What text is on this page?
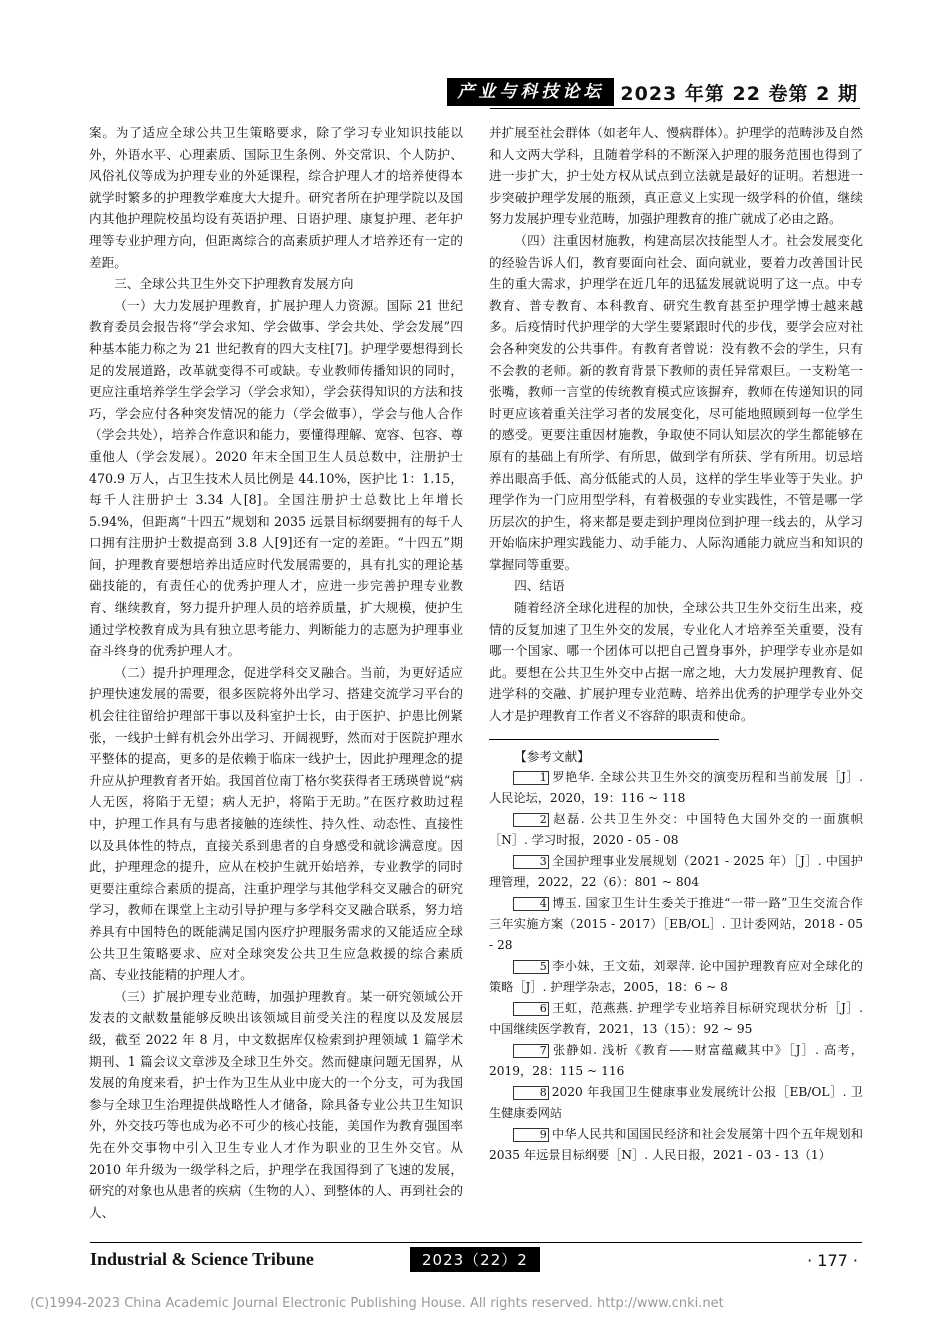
产业与科技论坛 2023 年第 22 卷第 2 期

案。为了适应全球公共卫生策略要求，除了学习专业知识技能以外，外语水平、心理素质、国际卫生条例、外交常识、个人防护、风俗礼仪等成为护理专业的外延课程，综合护理人才的培养使得本就学时繁多的护理教学难度大大提升。研究者所在护理学院以及国内其他护理院校虽均设有英语护理、日语护理、康复护理、老年护理等专业护理方向，但距离综合的高素质护理人才培养还有一定的差距。

三、全球公共卫生外交下护理教育发展方向

（一）大力发展护理教育，扩展护理人力资源。国际 21 世纪教育委员会报告将“学会求知、学会做事、学会共处、学会发展”四种基本能力称之为 21 世纪教育的四大支柱[7]。护理学要想得到长足的发展道路，改革就变得不可或缺。专业教师传播知识的同时，更应注重培养学生学会学习（学会求知），学会获得知识的方法和技巧，学会应付各种突发情况的能力（学会做事），学会与他人合作（学会共处），培养合作意识和能力，要懂得理解、宽容、包容、尊重他人（学会发展）。2020 年末全国卫生人员总数中，注册护士 470.9 万人，占卫生技术人员比例是 44.10%，医护比 1：1.15，每千人注册护士 3.34 人[8]。全国注册护士总数比上年增长 5.94%，但距离“十四五”规划和 2035 远景目标纲要拥有的每千人口拥有注册护士数提高到 3.8 人[9]还有一定的差距。“十四五”期间，护理教育要想培养出适应时代发展需要的，具有扎实的理论基础技能的，有责任心的优秀护理人才，应进一步完善护理专业教育、继续教育，努力提升护理人员的培养质量，扩大规模，使护生通过学校教育成为具有独立思考能力、判断能力的志愿为护理事业奋斗终身的优秀护理人才。

（二）提升护理理念，促进学科交叉融合。当前，为更好适应护理快速发展的需要，很多医院将外出学习、搭建交流学习平台的机会往往留给护理部干事以及科室护士长，由于医护、护患比例紧张，一线护士鲜有机会外出学习、开阔视野，然而对于医院护理水平整体的提高，更多的是依赖于临床一线护士，因此护理理念的提升应从护理教育者开始。我国首位南丁格尔奖获得者王琇瑛曾说“病人无医，将陷于无望；病人无护，将陷于无助。”在医疗救助过程中，护理工作具有与患者接触的连续性、持久性、动态性、直接性以及具体性的特点，直接关系到患者的自身感受和就诊满意度。因此，护理理念的提升，应从在校护生就开始培养，专业教学的同时更要注重综合素质的提高，注重护理学与其他学科交叉融合的研究学习，教师在课堂上主动引导护理与多学科交叉融合联系，努力培养具有中国特色的既能满足国内医疗护理服务需求的又能适应全球公共卫生策略要求、应对全球突发公共卫生应急救援的综合素质高、专业技能精的护理人才。

（三）扩展护理专业范畴，加强护理教育。某一研究领域公开发表的文献数量能够反映出该领域目前受关注的程度以及发展层级，截至 2022 年 8 月，中文数据库仅检索到护理领域 1 篇学术期刊、1 篇会议文章涉及全球卫生外交。然而健康问题无国界，从发展的角度来看，护士作为卫生从业中庞大的一个分支，可为我国参与全球卫生治理提供战略性人才储备，除具备专业公共卫生知识外，外交技巧等也成为必不可少的核心技能，美国作为教育强国率先在外交事物中引入卫生专业人才作为职业的卫生外交官。从 2010 年升级为一级学科之后，护理学在我国得到了飞速的发展，研究的对象也从患者的疾病（生物的人）、到整体的人、再到社会的人、

并扩展至社会群体（如老年人、慢病群体）。护理学的范畴涉及自然和人文两大学科，且随着学科的不断深入护理的服务范围也得到了进一步扩大，护士处方权从试点到立法就是最好的证明。若想进一步突破护理学发展的瓶颈，真正意义上实现一级学科的价值，继续努力发展护理专业范畴，加强护理教育的推广就成了必由之路。

（四）注重因材施教，构建高层次技能型人才。社会发展变化的经验告诉人们，教育要面向社会、面向就业，要着力改善国计民生的重大需求，护理学在近几年的迅猛发展就说明了这一点。中专教育、普专教育、本科教育、研究生教育甚至护理学博士越来越多。后疫情时代护理学的大学生要紧跟时代的步伐，要学会应对社会各种突发的公共事件。有教育者曾说：没有教不会的学生，只有不会教的老师。新的教育背景下教师的责任异常艰巨。一支粉笔一张嘴，教师一言堂的传统教育模式应该摒弃，教师在传递知识的同时更应该着重关注学习者的发展变化，尽可能地照顾到每一位学生的感受。更要注重因材施教，争取使不同认知层次的学生都能够在原有的基础上有所学、有所思，做到学有所获、学有所用。切忌培养出眼高手低、高分低能式的人员，这样的学生毕业等于失业。护理学作为一门应用型学科，有着极强的专业实践性，不管是哪一学历层次的护生，将来都是要走到护理岗位到护理一线去的，从学习开始临床护理实践能力、动手能力、人际沟通能力就应当和知识的掌握同等重要。

四、结语

随着经济全球化进程的加快，全球公共卫生外交衍生出来，疫情的反复加速了卫生外交的发展，专业化人才培养至关重要，没有哪一个国家、哪一个团体可以把自己置身事外，护理学专业亦是如此。要想在公共卫生外交中占据一席之地，大力发展护理教育、促进学科的交融、扩展护理专业范畴、培养出优秀的护理学专业外交人才是护理教育工作者义不容辞的职责和使命。

【参考文献】

1 罗艳华. 全球公共卫生外交的演变历程和当前发展［J］. 人民论坛，2020，19：116 ~ 118

2 赵磊. 公共卫生外交：中国特色大国外交的一面旗帜［N］. 学习时报，2020 - 05 - 08

3 全国护理事业发展规划（2021 - 2025 年）［J］. 中国护理管理，2022，22（6）：801 ~ 804

4 博玉. 国家卫生计生委关于推进“一带一路”卫生交流合作三年实施方案（2015 - 2017）［EB/OL］. 卫计委网站，2018 - 05 - 28

5 李小妹，王文茹，刘翠萍. 论中国护理教育应对全球化的策略［J］. 护理学杂志，2005，18：6 ~ 8

6 王虹，范燕燕. 护理学专业培养目标研究现状分析［J］. 中国继续医学教育，2021，13（15）：92 ~ 95

7 张静如. 浅析《教育——财富蕴藏其中》［J］. 高考，2019，28：115 ~ 116

8 2020 年我国卫生健康事业发展统计公报［EB/OL］. 卫生健康委网站

9 中华人民共和国国民经济和社会发展第十四个五年规划和 2035 年远景目标纲要［N］. 人民日报，2021 - 03 - 13（1）

Industrial & Science Tribune	2023（22）2	· 177 ·
(C)1994-2023 China Academic Journal Electronic Publishing House. All rights reserved. http://www.cnki.net
